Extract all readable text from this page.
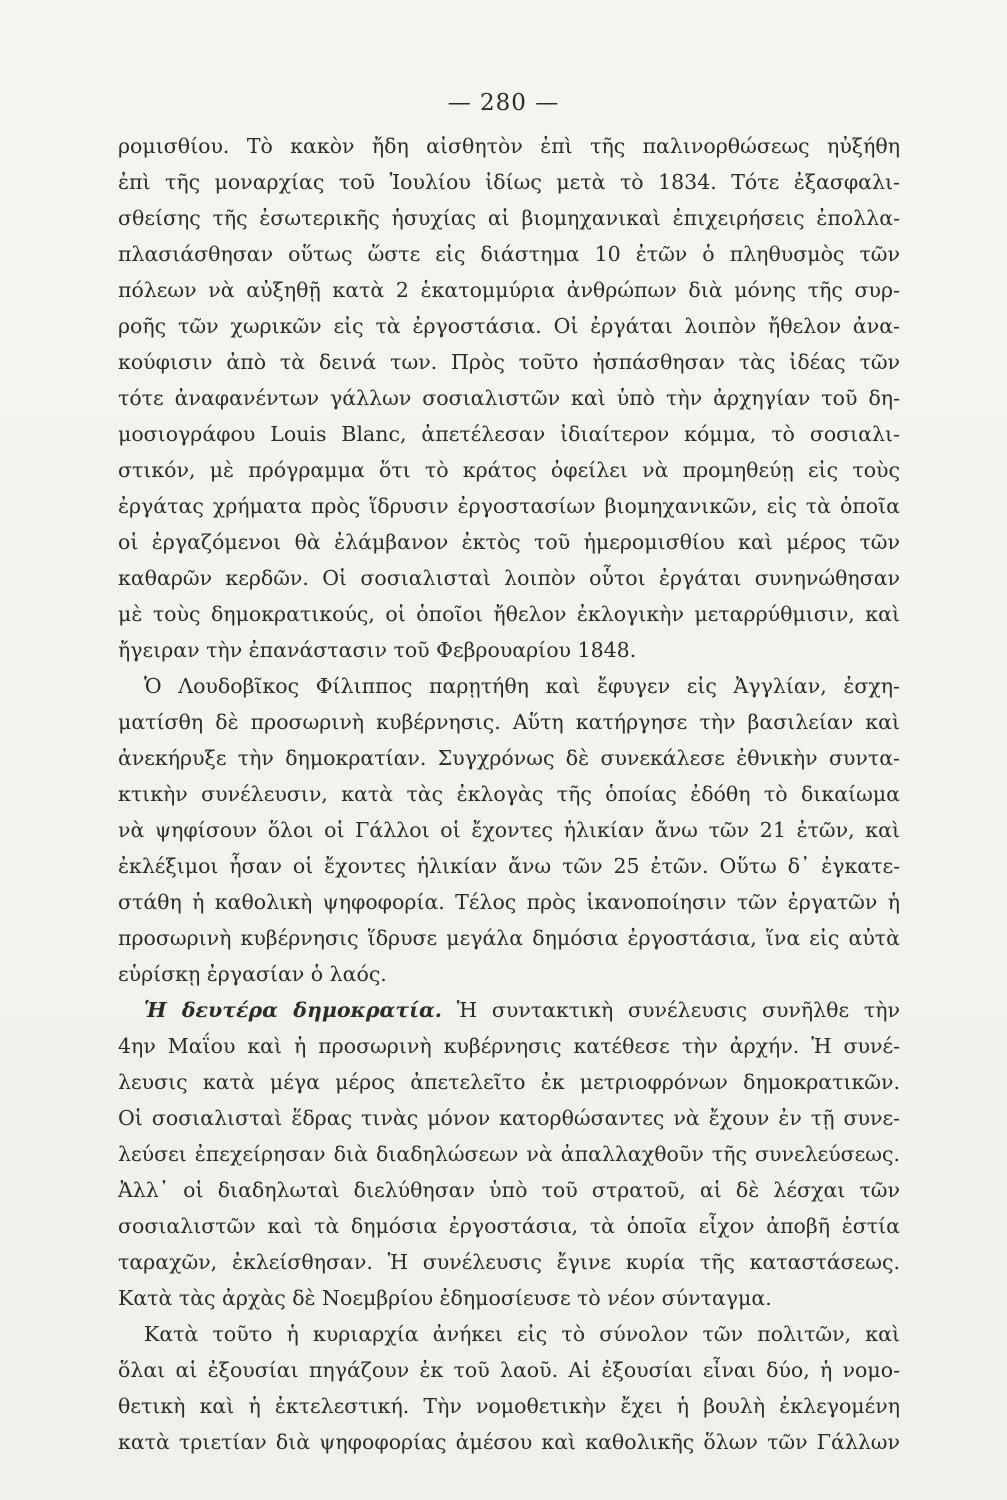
— 280 —
ρομισθίου. Τὸ κακὸν ἤδη αἰσθητὸν ἐπὶ τῆς παλινορθώσεως ηὐξήθη
ἐπὶ τῆς μοναρχίας τοῦ Ἰουλίου ἰδίως μετὰ τὸ 1834. Τότε ἐξασφαλι-
σθείσης τῆς ἐσωτερικῆς ἡσυχίας αἱ βιομηχανικαὶ ἐπιχειρήσεις ἐπολλα-
πλασιάσθησαν οὕτως ὥστε εἰς διάστημα 10 ἐτῶν ὁ πληθυσμὸς τῶν
πόλεων νὰ αὐξηθῇ κατὰ 2 ἑκατομμύρια ἀνθρώπων διὰ μόνης τῆς συρ-
ροῆς τῶν χωρικῶν εἰς τὰ ἐργοστάσια. Οἱ ἐργάται λοιπὸν ἤθελον ἀνα-
κούφισιν ἀπὸ τὰ δεινά των. Πρὸς τοῦτο ἠσπάσθησαν τὰς ἰδέας τῶν
τότε ἀναφανέντων γάλλων σοσιαλιστῶν καὶ ὑπὸ τὴν ἀρχηγίαν τοῦ δη-
μοσιογράφου Louis Blanc, ἀπετέλεσαν ἰδιαίτερον κόμμα, τὸ σοσιαλι-
στικόν, μὲ πρόγραμμα ὅτι τὸ κράτος ὀφείλει νὰ προμηθεύῃ εἰς τοὺς
ἐργάτας χρήματα πρὸς ἵδρυσιν ἐργοστασίων βιομηχανικῶν, εἰς τὰ ὁποῖα
οἱ ἐργαζόμενοι θὰ ἐλάμβανον ἐκτὸς τοῦ ἡμερομισθίου καὶ μέρος τῶν
καθαρῶν κερδῶν. Οἱ σοσιαλισταὶ λοιπὸν οὗτοι ἐργάται συνηνώθησαν
μὲ τοὺς δημοκρατικούς, οἱ ὁποῖοι ἤθελον ἐκλογικὴν μεταρρύθμισιν, καὶ
ἤγειραν τὴν ἐπανάστασιν τοῦ Φεβρουαρίου 1848.
Ὁ Λουδοβῖκος Φίλιππος παρῃτήθη καὶ ἔφυγεν εἰς Ἀγγλίαν, ἐσχη-
ματίσθη δὲ προσωρινὴ κυβέρνησις. Αὕτη κατήργησε τὴν βασιλείαν καὶ
ἀνεκήρυξε τὴν δημοκρατίαν. Συγχρόνως δὲ συνεκάλεσε ἐθνικὴν συντα-
κτικὴν συνέλευσιν, κατὰ τὰς ἐκλογὰς τῆς ὁποίας ἐδόθη τὸ δικαίωμα
νὰ ψηφίσουν ὅλοι οἱ Γάλλοι οἱ ἔχοντες ἡλικίαν ἄνω τῶν 21 ἐτῶν, καὶ
ἐκλέξιμοι ἦσαν οἱ ἔχοντες ἡλικίαν ἄνω τῶν 25 ἐτῶν. Οὕτω δ᾽ ἐγκατε-
στάθη ἡ καθολικὴ ψηφοφορία. Τέλος πρὸς ἱκανοποίησιν τῶν ἐργατῶν ἡ
προσωρινὴ κυβέρνησις ἵδρυσε μεγάλα δημόσια ἐργοστάσια, ἵνα εἰς αὐτὰ
εὑρίσκῃ ἐργασίαν ὁ λαός.
Ἡ δευτέρα δημοκρατία. Ἡ συντακτικὴ συνέλευσις συνῆλθε τὴν
4ην Μαΐου καὶ ἡ προσωρινὴ κυβέρνησις κατέθεσε τὴν ἀρχήν. Ἡ συνέ-
λευσις κατὰ μέγα μέρος ἀπετελεῖτο ἐκ μετριοφρόνων δημοκρατικῶν.
Οἱ σοσιαλισταὶ ἕδρας τινὰς μόνον κατορθώσαντες νὰ ἔχουν ἐν τῇ συνε-
λεύσει ἐπεχείρησαν διὰ διαδηλώσεων νὰ ἀπαλλαχθοῦν τῆς συνελεύσεως.
Ἀλλ᾽ οἱ διαδηλωταὶ διελύθησαν ὑπὸ τοῦ στρατοῦ, αἱ δὲ λέσχαι τῶν
σοσιαλιστῶν καὶ τὰ δημόσια ἐργοστάσια, τὰ ὁποῖα εἶχον ἀποβῆ ἑστία
ταραχῶν, ἐκλείσθησαν. Ἡ συνέλευσις ἔγινε κυρία τῆς καταστάσεως.
Κατὰ τὰς ἀρχὰς δὲ Νοεμβρίου ἐδημοσίευσε τὸ νέον σύνταγμα.
Κατὰ τοῦτο ἡ κυριαρχία ἀνήκει εἰς τὸ σύνολον τῶν πολιτῶν, καὶ
ὅλαι αἱ ἐξουσίαι πηγάζουν ἐκ τοῦ λαοῦ. Αἱ ἐξουσίαι εἶναι δύο, ἡ νομο-
θετικὴ καὶ ἡ ἐκτελεστική. Τὴν νομοθετικὴν ἔχει ἡ βουλὴ ἐκλεγομένη
κατὰ τριετίαν διὰ ψηφοφορίας ἀμέσου καὶ καθολικῆς ὅλων τῶν Γάλλων
